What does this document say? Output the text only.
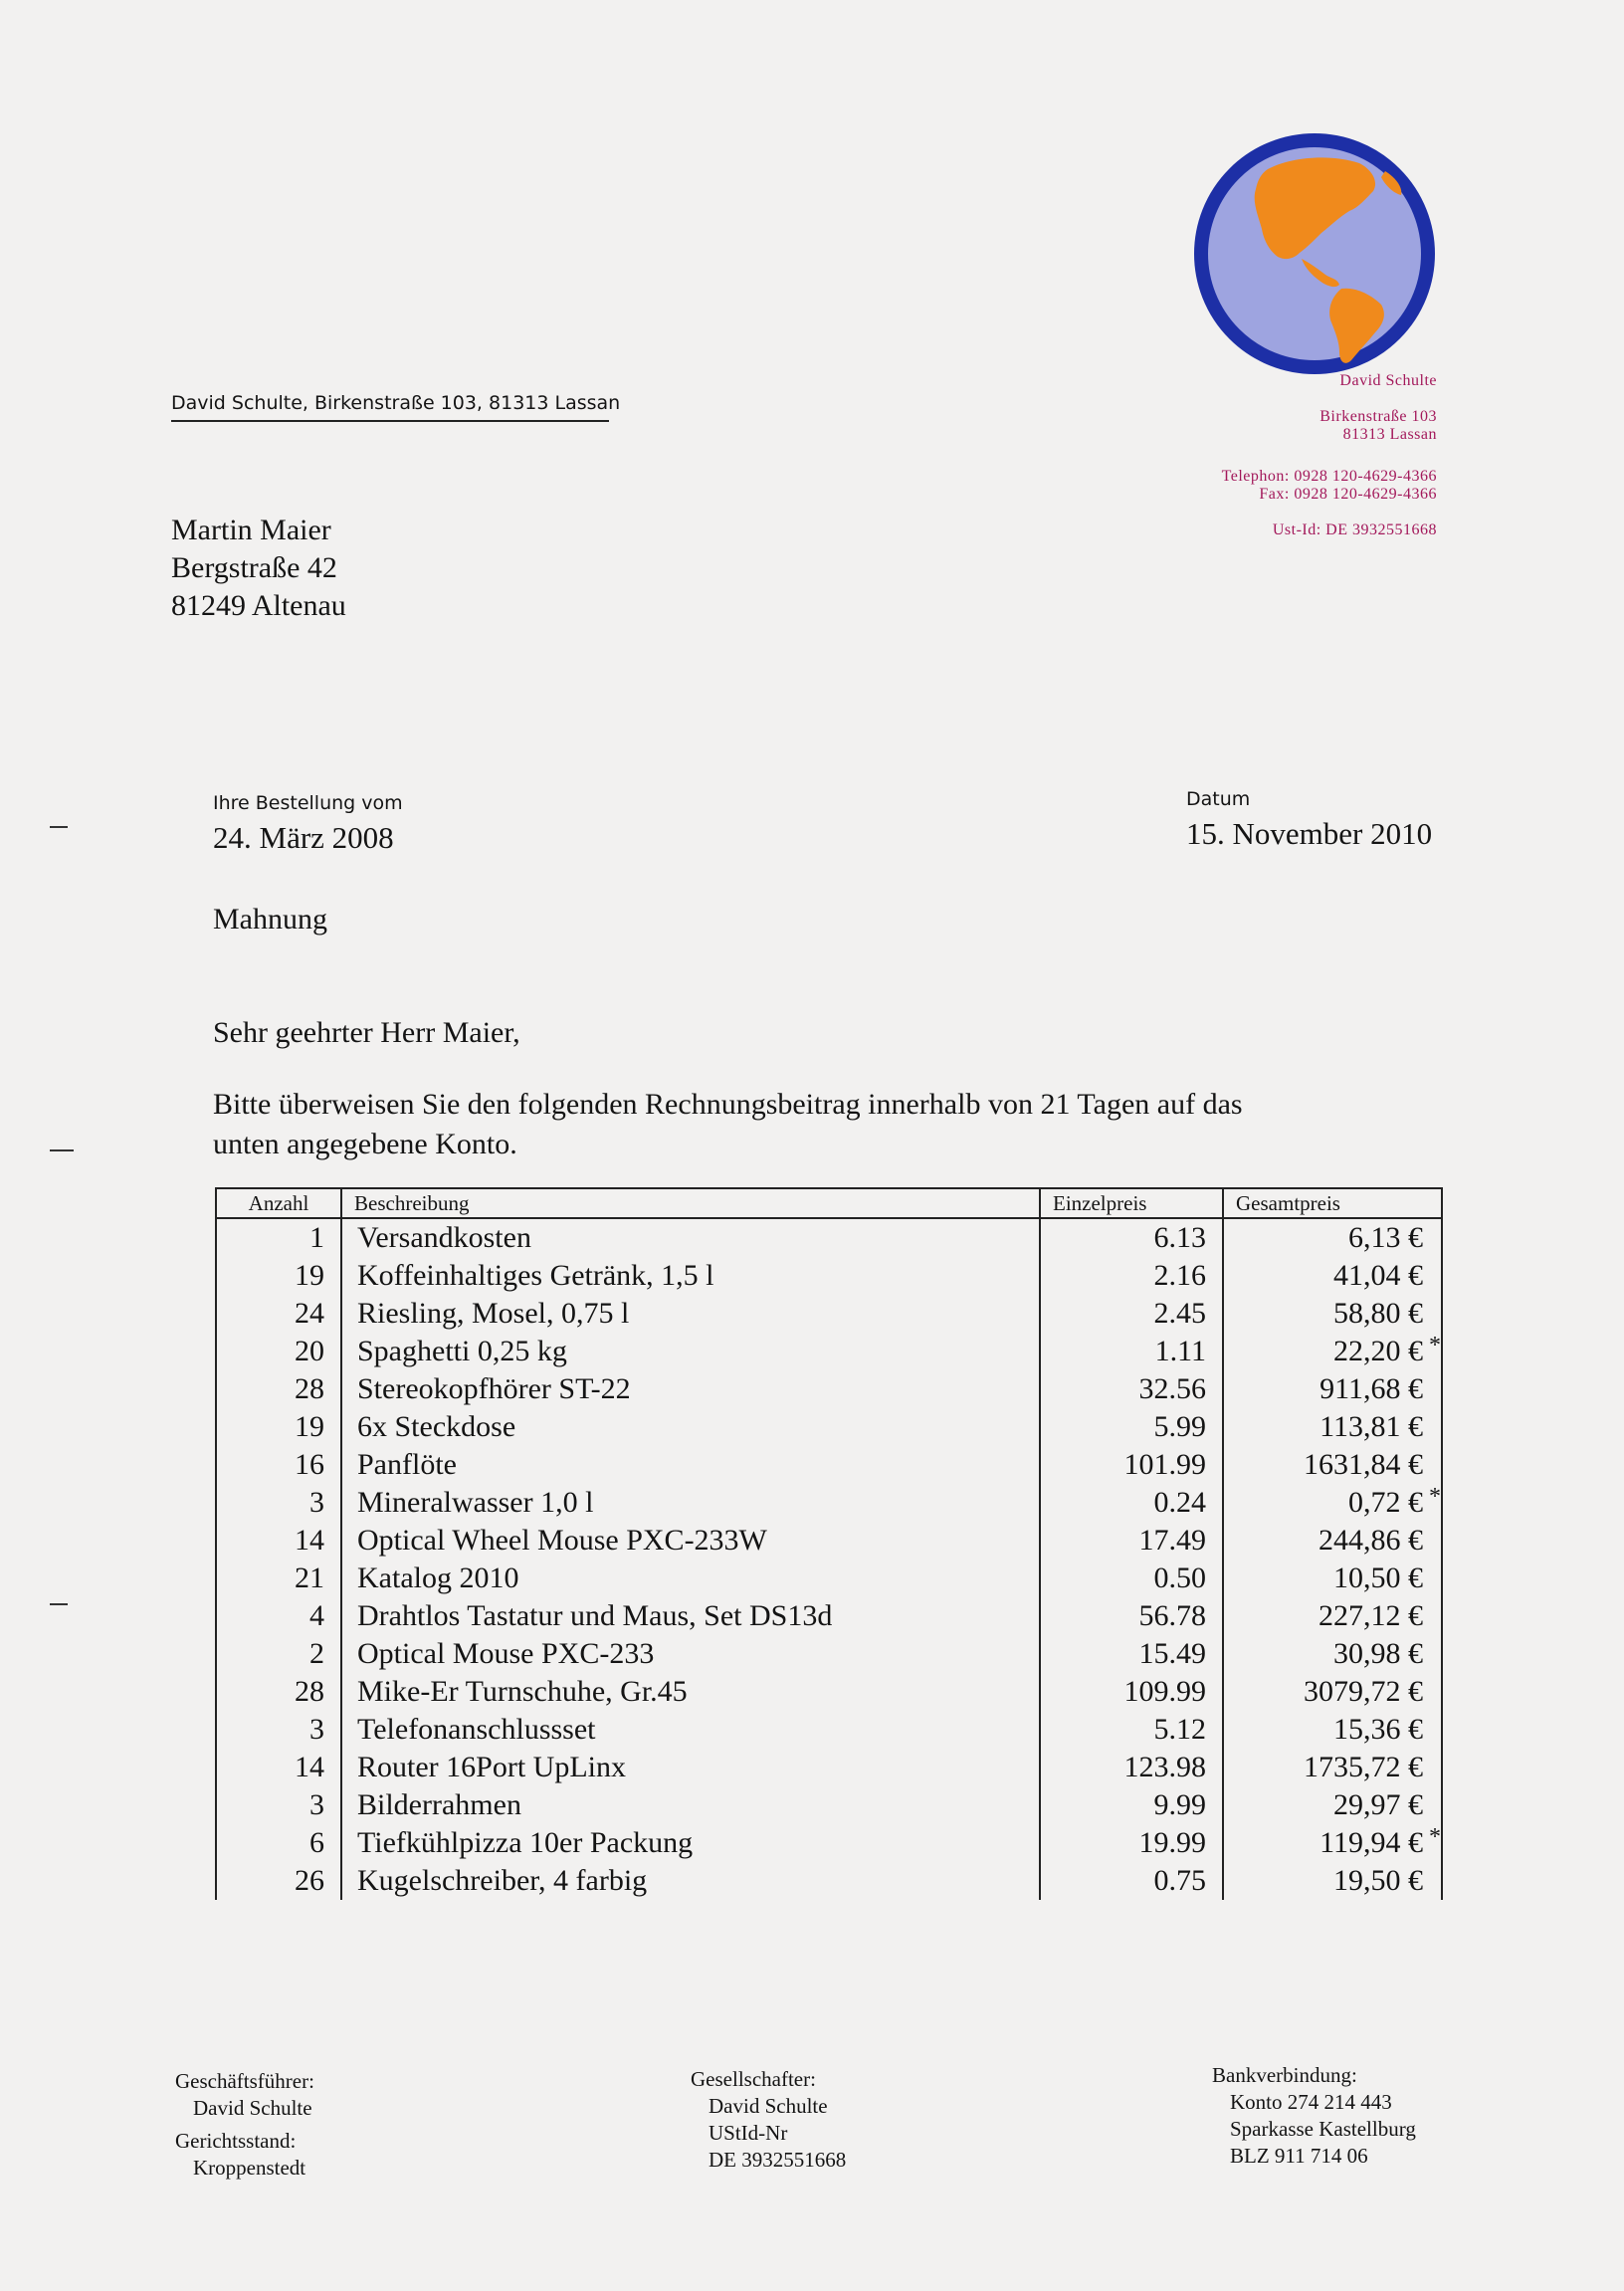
David Schulte
Birkenstraße 103
81313 Lassan
Telephon: 0928 120-4629-4366
Fax: 0928 120-4629-4366
Ust-Id: DE 3932551668
David Schulte, Birkenstraße 103, 81313 Lassan
Martin Maier
Bergstraße 42
81249 Altenau
Ihre Bestellung vom
24. März 2008
Datum
15. November 2010
Mahnung
Sehr geehrter Herr Maier,
Bitte überweisen Sie den folgenden Rechnungsbeitrag innerhalb von 21 Tagen auf das
unten angegebene Konto.
Anzahl	Beschreibung	Einzelpreis	Gesamtpreis
1	Versandkosten	6.13	6,13 €

19	Koffeinhaltiges Getränk, 1,5 l	2.16	41,04 €

24	Riesling, Mosel, 0,75 l	2.45	58,80 €

20	Spaghetti 0,25 kg	1.11	22,20 € *

28	Stereokopfhörer ST-22	32.56	911,68 €

19	6x Steckdose	5.99	113,81 €

16	Panflöte	101.99	1631,84 €

3	Mineralwasser 1,0 l	0.24	0,72 € *

14	Optical Wheel Mouse PXC-233W	17.49	244,86 €

21	Katalog 2010	0.50	10,50 €

4	Drahtlos Tastatur und Maus, Set DS13d	56.78	227,12 €

2	Optical Mouse PXC-233	15.49	30,98 €

28	Mike-Er Turnschuhe, Gr.45	109.99	3079,72 €

3	Telefonanschlussset	5.12	15,36 €

14	Router 16Port UpLinx	123.98	1735,72 €

3	Bilderrahmen	9.99	29,97 €

6	Tiefkühlpizza 10er Packung	19.99	119,94 € *

26	Kugelschreiber, 4 farbig	0.75	19,50 €
Geschäftsführer:
David Schulte
Gerichtsstand:
Kroppenstedt
Gesellschafter:
David Schulte
UStId-Nr
DE 3932551668
Bankverbindung:
Konto 274 214 443
Sparkasse Kastellburg
BLZ 911 714 06
